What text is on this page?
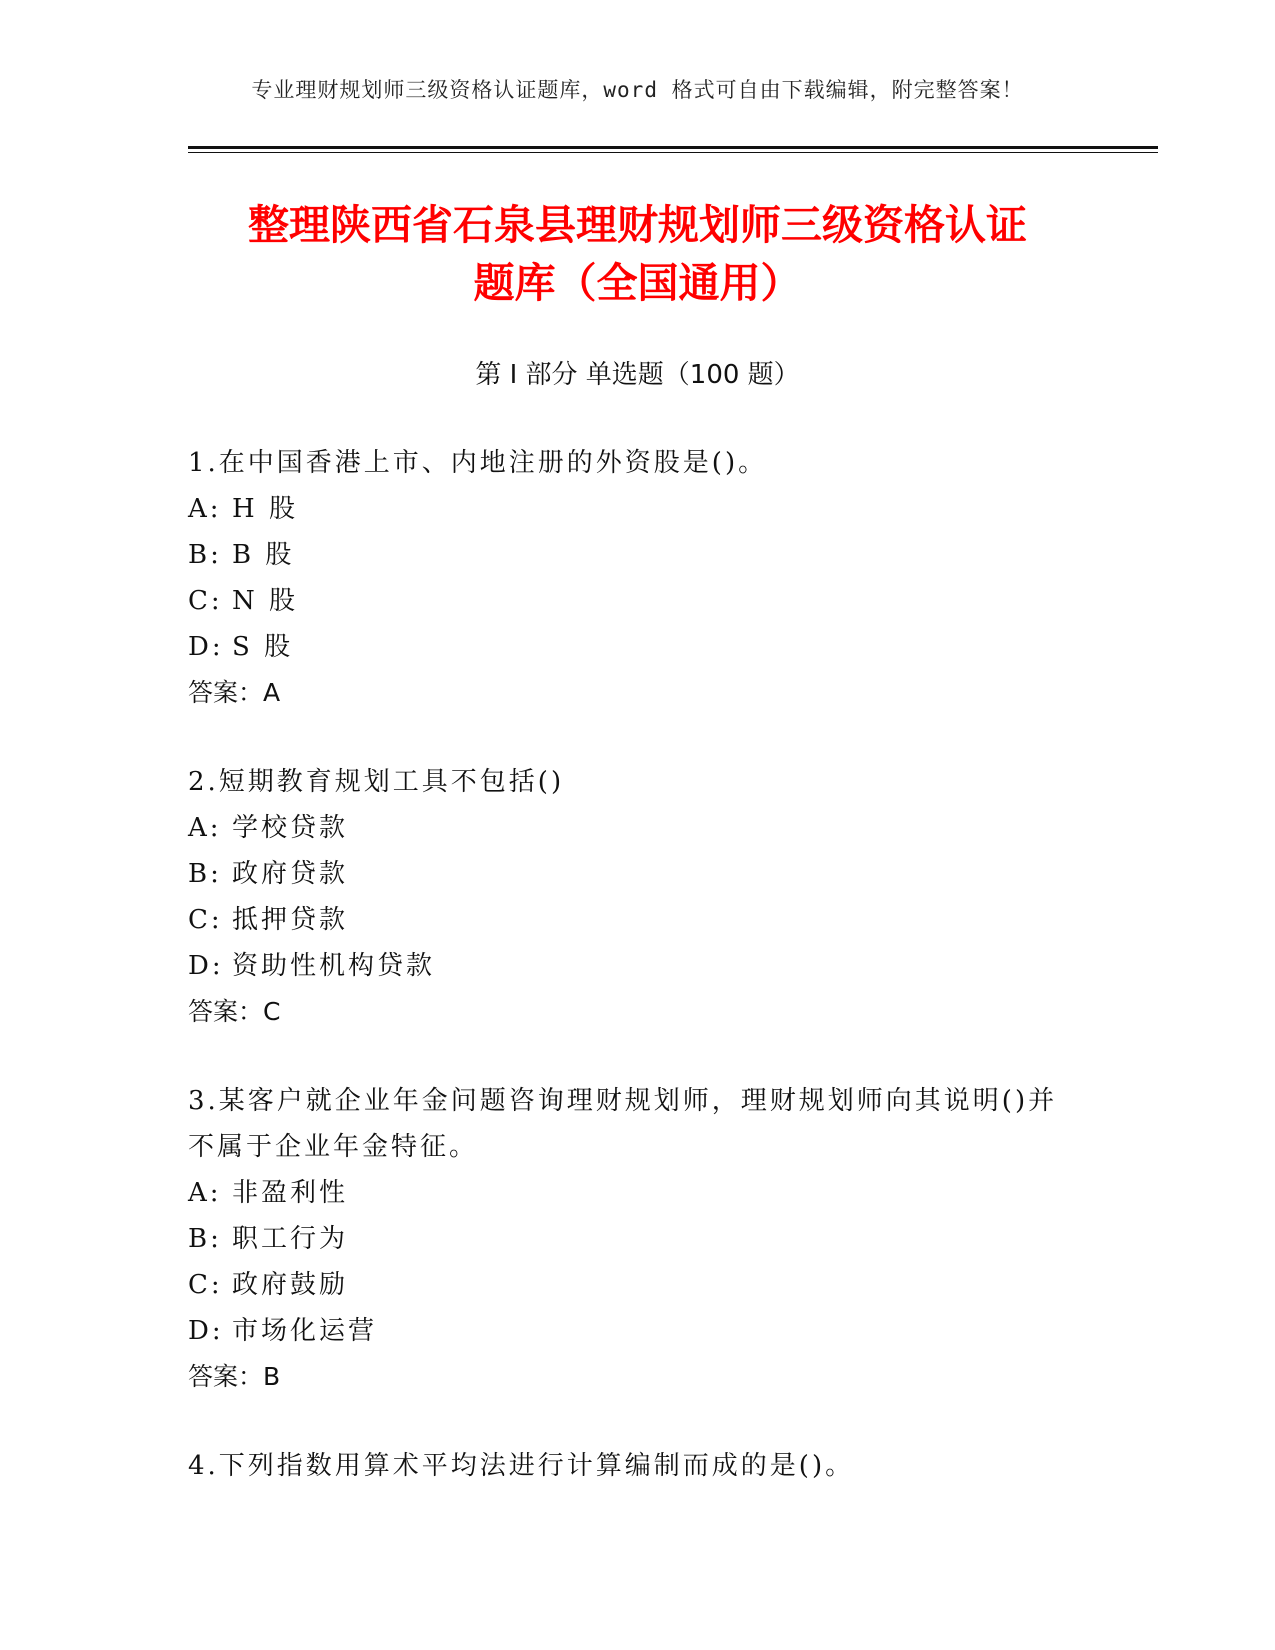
专业理财规划师三级资格认证题库，word 格式可自由下载编辑，附完整答案！
整理陕西省石泉县理财规划师三级资格认证
题库（全国通用）
第 I 部分 单选题（100 题）
1.在中国香港上市、内地注册的外资股是()。
A: H 股
B: B 股
C: N 股
D: S 股
答案：A
2.短期教育规划工具不包括()
A: 学校贷款
B: 政府贷款
C: 抵押贷款
D: 资助性机构贷款
答案：C
3.某客户就企业年金问题咨询理财规划师，理财规划师向其说明()并
不属于企业年金特征。
A: 非盈利性
B: 职工行为
C: 政府鼓励
D: 市场化运营
答案：B
4.下列指数用算术平均法进行计算编制而成的是()。
